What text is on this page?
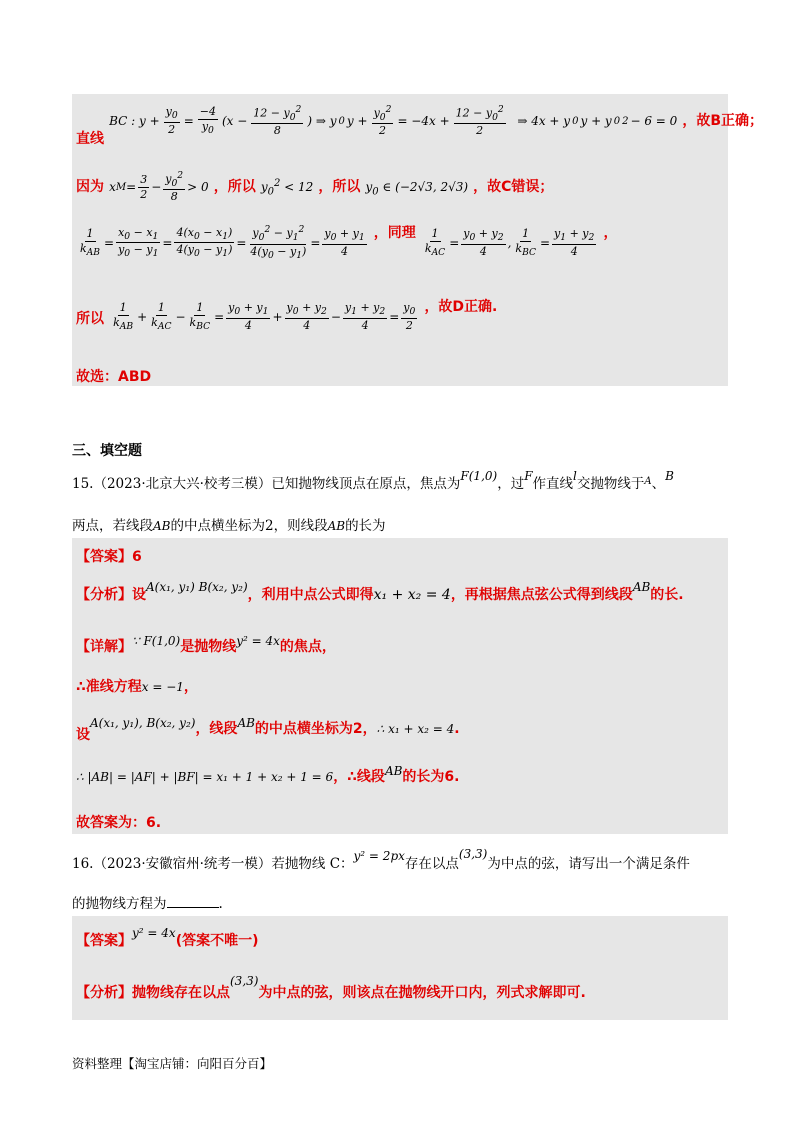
直线 BC : $y + \frac{y_0}{2} = \frac{-4}{y_0} (x - \frac{12 - y_0^2}{8}$ ) ⇒ y 0 $y + \frac{y_0^2}{2} = -4x + \frac{12 - y_0^2}{2}$ ⇒ 4x + y 0 y + y 0 2 − 6 = 0 ，故B正确；
因为 x $M = \frac{3}{2} - \frac{y_0^2}{8} > 0$ ，所以 $y_0^2 < 12$ ，所以 $y_0$ ∈ (−2√3, 2√3) ，故C错误；
$\frac{1}{k_{AB}} = \frac{x_0 - x_1}{y_0 - y_1} = \frac{4(x_0 - x_1)}{4(y_0 - y_1)} = \frac{y_0^2 - y_1^2}{4(y_0 - y_1)} = \frac{y_0 + y_1}{4}$ ，同理 $\frac{1}{k_{AC}} = \frac{y_0 + y_2}{4}$ , $\frac{1}{k_{BC}} = \frac{y_1 + y_2}{4}$ ，
所以 $\frac{1}{k_{AB}} + \frac{1}{k_{AC}} - \frac{1}{k_{BC}} = \frac{y_0 + y_1}{4} + \frac{y_0 + y_2}{4} - \frac{y_1 + y_2}{4} = \frac{y_0}{2}$ ，故D正确.
故选：ABD
三、填空题
15.（2023·北京大兴·校考三模）已知抛物线顶点在原点，焦点为F(1,0)，过F作直线l交抛物线于$^A$、B
两点，若线段AB的中点横坐标为2，则线段AB的长为
【答案】6
【分析】设$^{A(x_1, y_1) B(x_2, y_2)}$，利用中点公式即得x₁ + x₂ = 4，再根据焦点弦公式得到线段$^{AB}$的长.
【详解】$^{\because F(1,0)}$是抛物线$^{y^2 = 4x}$的焦点，
∴准线方程x = −1，
设$^{A(x_1, y_1), B(x_2, y_2)}$，线段$^{AB}$的中点横坐标为2，∴ x₁ + x₂ = 4.
∴ |AB| = |AF| + |BF| = x₁ + 1 + x₂ + 1 = 6，∴线段$^{AB}$的长为6.
故答案为：6.
16.（2023·安徽宿州·统考一模）若抛物线 C：y² = 2px存在以点(3,3)为中点的弦，请写出一个满足条件
的抛物线方程为	.
【答案】$^{y^2 = 4x}$(答案不唯一)
【分析】抛物线存在以点$^{(3,3)}$为中点的弦，则该点在抛物线开口内，列式求解即可.
资料整理【淘宝店铺：向阳百分百】
